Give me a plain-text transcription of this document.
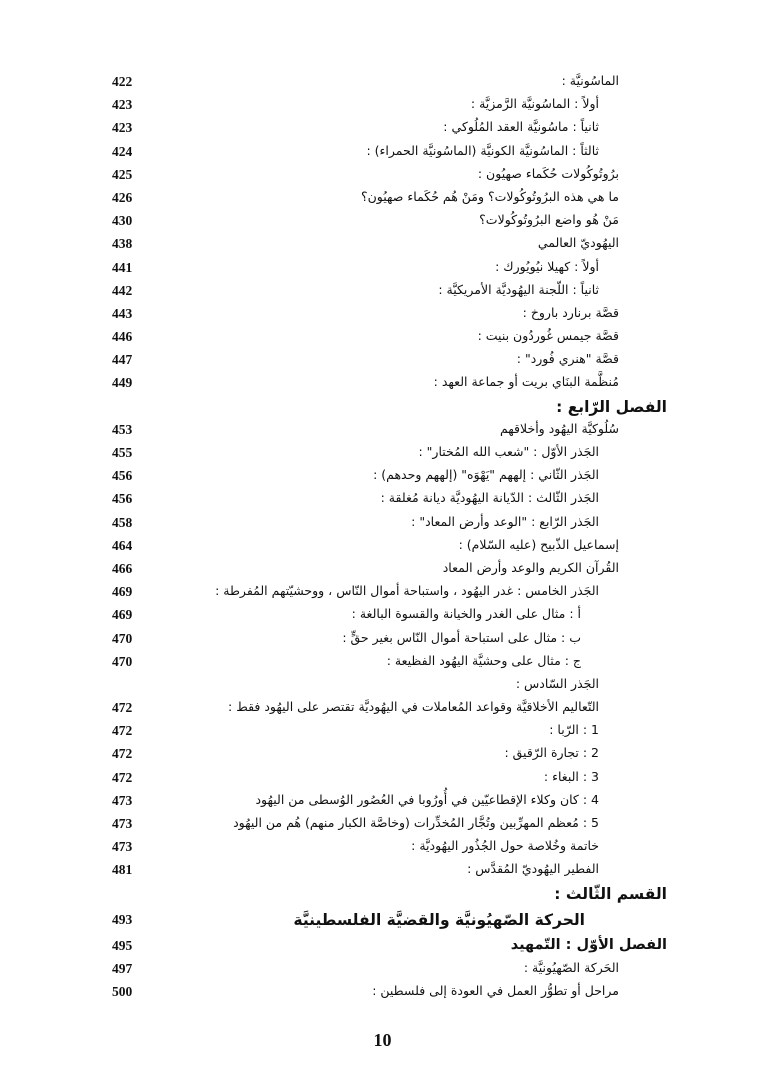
422	الماسُونيَّة :
423	أولاً : الماسُونيَّة الرَّمزيَّة :
423	ثانياً : ماسُونيَّة العقد المُلُوكي :
424	ثالثاً : الماسُونيَّة الكونيَّة (الماسُونيَّة الحمراء) :
425	برُوتُوكُولات حُكَماء صهيُون :
426	ما هي هذه البرُوتُوكُولات؟ ومَنْ هُم حُكَماء صهيُون؟
430	مَنْ هُو واضع البرُوتُوكُولات؟
438	اليهُوديّ العالمي
441	أولاً : كهيلا نيُويُورك :
442	ثانياً : اللّجنة اليهُوديَّة الأمريكيَّة :
443	قصَّة برنارد باروخ :
446	قصَّة جيمس غُوردُون بنيت :
447	قصَّة "هنري فُورد" :
449	مُنظَّمة البنَاي بريت أو جماعة العهد :
الفصل الرّابع :
453	سُلُوكيَّة اليهُود وأخلاقهم
455	الجَذر الأوّل : "شعب الله المُختار" :
456	الجَذر الثّاني : إلههم "يَهْوَه" (إلههم وحدهم) :
456	الجَذر الثّالث : الدّيانة اليهُوديَّة ديانة مُغلقة :
458	الجَذر الرّابع : "الوعد وأرض المعاد" :
464	إسماعيل الذّبيح (عليه السّلام) :
466	القُرآن الكريم والوعد وأرض المعاد
469	الجَذر الخامس : غدر اليهُود ، واستباحة أموال النّاس ، ووحشيّتهم المُفرطة :
469	أ : مثال على الغدر والخيانة والقسوة البالغة :
470	ب : مثال على استباحة أموال النّاس بغير حقٍّ :
470	ج : مثال على وحشيَّة اليهُود الفظيعة :
الجَذر السّادس :
472	التّعاليم الأخلاقيَّة وقواعد المُعاملات في اليهُوديَّة تقتصر على اليهُود فقط :
472	1 : الرّبا :
472	2 : تجارة الرّقيق :
472	3 : البغاء :
473	4 : كان وكلاء الإقطاعيّين في أُورُوبا في العُصُور الوُسطى من اليهُود
473	5 : مُعظم المهرِّبين وتُجَّار المُخدِّرات (وخاصَّة الكبار منهم) هُم من اليهُود
473	خاتمة وخُلاصة حول الجُذُور اليهُوديَّة :
481	الفطير اليهُوديّ المُقدَّس :
القسم الثّالث :
493	الحركة الصّهيُونيَّة والقضيَّة الفلسطينيَّة
495	الفصل الأوّل : التّمهيد
497	الحَركة الصّهيُونيَّة :
500	مراحل أو تطوُّر العمل في العودة إلى فلسطين :
10
